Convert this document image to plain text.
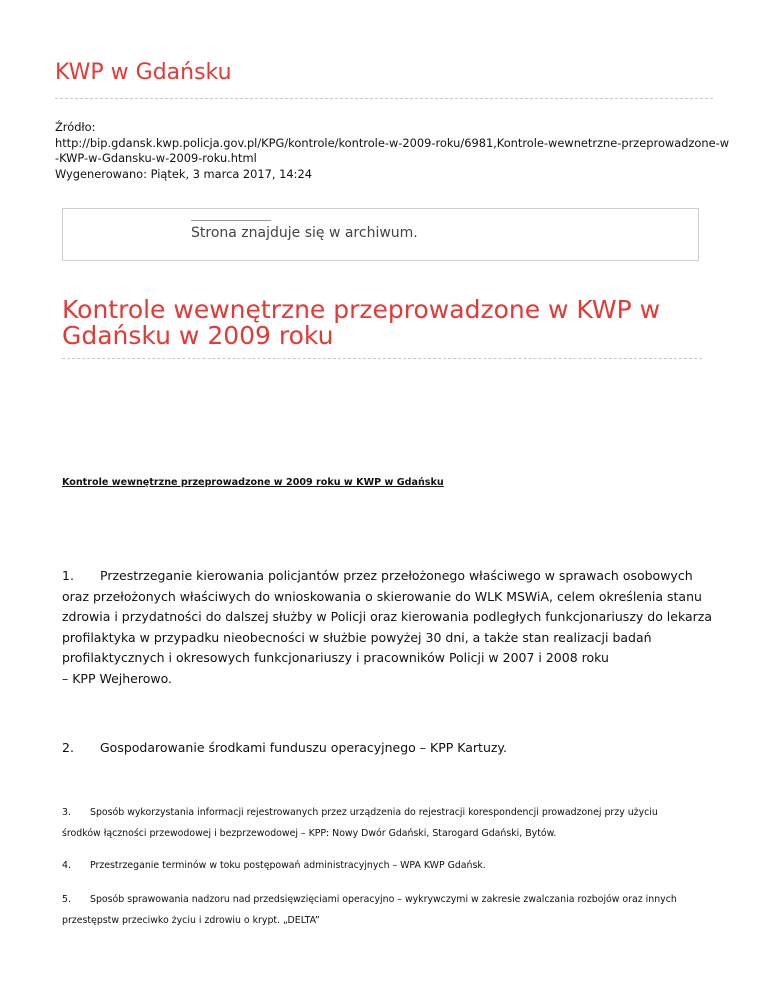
KWP w Gdańsku
Źródło:
http://bip.gdansk.kwp.policja.gov.pl/KPG/kontrole/kontrole-w-2009-roku/6981,Kontrole-wewnetrzne-przeprowadzone-w
-KWP-w-Gdansku-w-2009-roku.html
Wygenerowano: Piątek, 3 marca 2017, 14:24
Strona znajduje się w archiwum.
Kontrole wewnętrzne przeprowadzone w KWP w Gdańsku w 2009 roku
Kontrole wewnętrzne przeprowadzone w 2009 roku w KWP w Gdańsku
1. Przestrzeganie kierowania policjantów przez przełożonego właściwego w sprawach osobowych
oraz przełożonych właściwych do wnioskowania o skierowanie do WLK MSWiA, celem określenia stanu
zdrowia i przydatności do dalszej służby w Policji oraz kierowania podległych funkcjonariuszy do lekarza
profilaktyka w przypadku nieobecności w służbie powyżej 30 dni, a także stan realizacji badań
profilaktycznych i okresowych funkcjonariuszy i pracowników Policji w 2007 i 2008 roku
– KPP Wejherowo.
2. Gospodarowanie środkami funduszu operacyjnego – KPP Kartuzy.
3. Sposób wykorzystania informacji rejestrowanych przez urządzenia do rejestracji korespondencji prowadzonej przy użyciu
środków łączności przewodowej i bezprzewodowej – KPP: Nowy Dwór Gdański, Starogard Gdański, Bytów.
4. Przestrzeganie terminów w toku postępowań administracyjnych – WPA KWP Gdańsk.
5. Sposób sprawowania nadzoru nad przedsięwzięciami operacyjno – wykrywczymi w zakresie zwalczania rozbojów oraz innych
przestępstw przeciwko życiu i zdrowiu o krypt. „DELTA”
